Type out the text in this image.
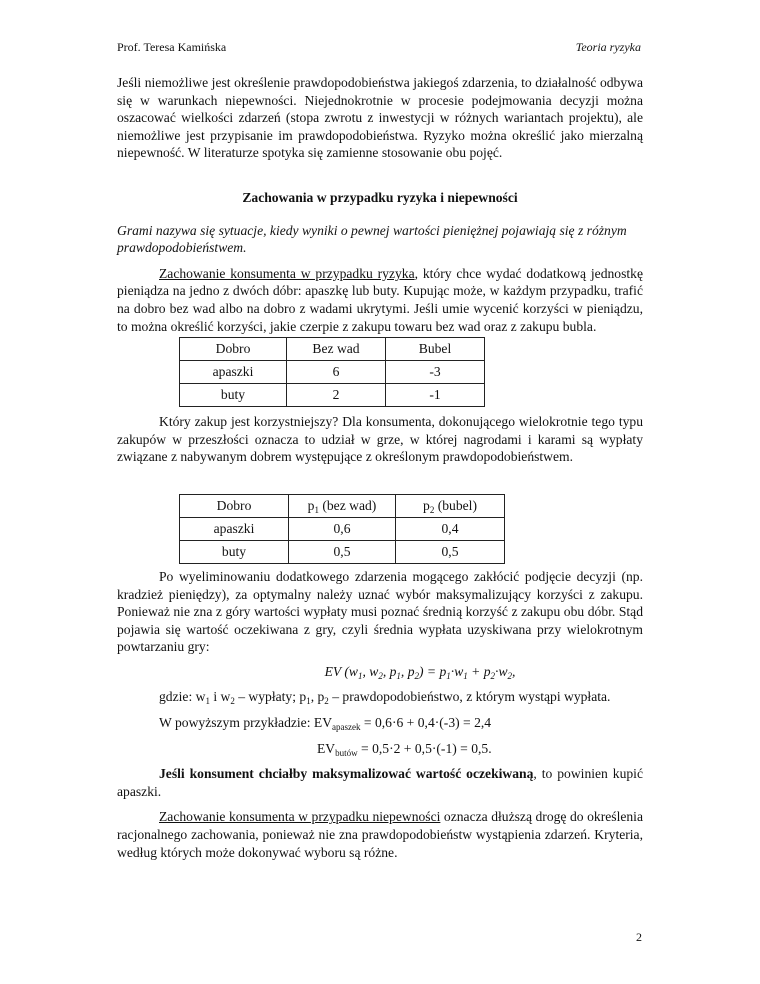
Prof. Teresa Kamińska	Teoria ryzyka

Jeśli niemożliwe jest określenie prawdopodobieństwa jakiegoś zdarzenia, to działalność odbywa się w warunkach niepewności. Niejednokrotnie w procesie podejmowania decyzji można oszacować wielkości zdarzeń (stopa zwrotu z inwestycji w różnych wariantach projektu), ale niemożliwe jest przypisanie im prawdopodobieństwa. Ryzyko można określić jako mierzalną niepewność. W literaturze spotyka się zamienne stosowanie obu pojęć.

Zachowania w przypadku ryzyka i niepewności

Grami nazywa się sytuacje, kiedy wyniki o pewnej wartości pieniężnej pojawiają się z różnym prawdopodobieństwem.

Zachowanie konsumenta w przypadku ryzyka, który chce wydać dodatkową jednostkę pieniądza na jedno z dwóch dóbr: apaszkę lub buty. Kupując może, w każdym przypadku, trafić na dobro bez wad albo na dobro z wadami ukrytymi. Jeśli umie wycenić korzyści w pieniądzu, to można określić korzyści, jakie czerpie z zakupu towaru bez wad oraz z zakupu bubla.

Dobro	Bez wad	Bubel
apaszki	6	-3
buty	2	-1

Który zakup jest korzystniejszy? Dla konsumenta, dokonującego wielokrotnie tego typu zakupów w przeszłości oznacza to udział w grze, w której nagrodami i karami są wypłaty związane z nabywanym dobrem występujące z określonym prawdopodobieństwem.

Dobro	$p_1$ (bez wad)	$p_2$ (bubel)
apaszki	0,6	0,4
buty	0,5	0,5

Po wyeliminowaniu dodatkowego zdarzenia mogącego zakłócić podjęcie decyzji (np. kradzież pieniędzy), za optymalny należy uznać wybór maksymalizujący korzyści z zakupu. Ponieważ nie zna z góry wartości wypłaty musi poznać średnią korzyść z zakupu obu dóbr. Stąd pojawia się wartość oczekiwana z gry, czyli średnia wypłata uzyskiwana przy wielokrotnym powtarzaniu gry:

EV ($w_1$, $w_2$, $p_1$, $p_2) = p_1\cdot w_1 + p_2\cdot w_2$,

gdzie: $w_1$ i $w_2$ – wypłaty; $p_1$, $p_2$ – prawdopodobieństwo, z którym wystąpi wypłata.

W powyższym przykładzie: $EV_{apaszek} = 0,6\cdot 6 + 0,4\cdot(-3) = 2,4$

$EV_{butów} = 0,5\cdot 2 + 0,5\cdot(-1) = 0,5$.

Jeśli konsument chciałby maksymalizować wartość oczekiwaną, to powinien kupić apaszki.

Zachowanie konsumenta w przypadku niepewności oznacza dłuższą drogę do określenia racjonalnego zachowania, ponieważ nie zna prawdopodobieństw wystąpienia zdarzeń. Kryteria, według których może dokonywać wyboru są różne.

2
